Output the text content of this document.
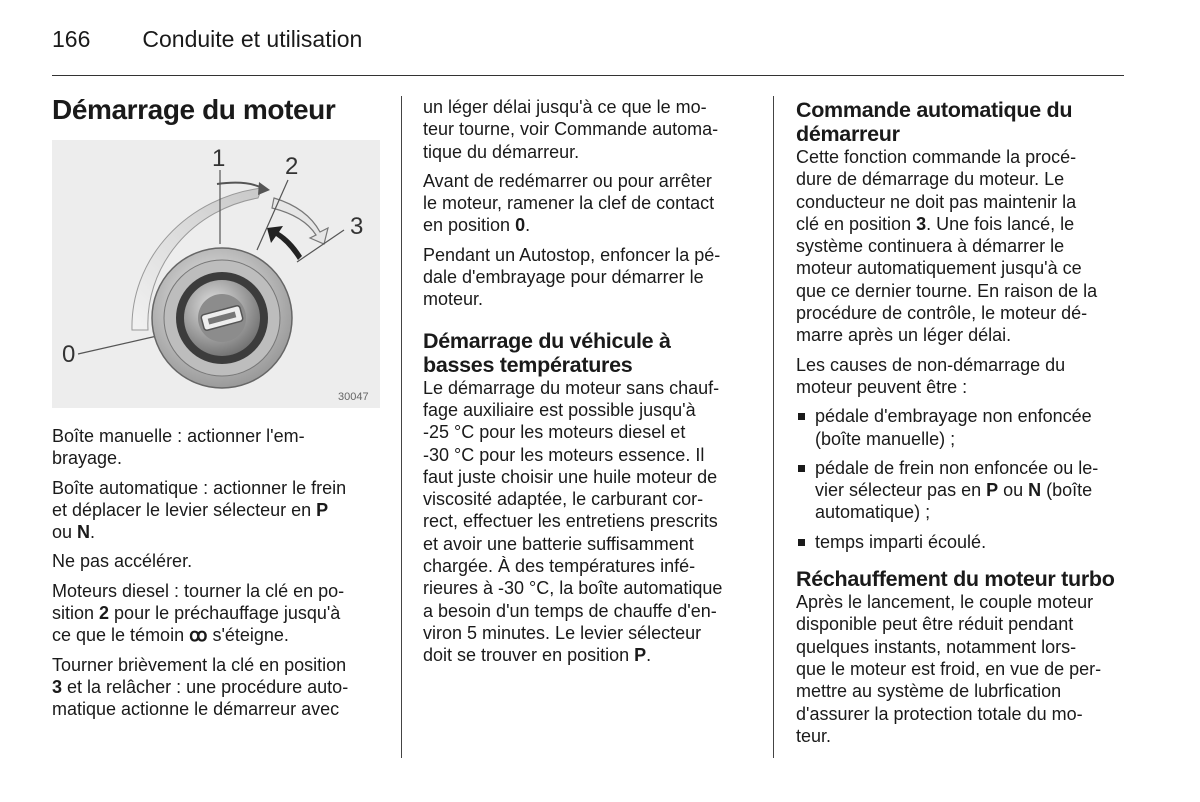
166 Conduite et utilisation
Démarrage du moteur
1 2
3
0
30047

Boîte manuelle : actionner l'em-
brayage.

Boîte automatique : actionner le frein
et déplacer le levier sélecteur en P
ou N.

Ne pas accélérer.

Moteurs diesel : tourner la clé en po-
sition 2 pour le préchauffage jusqu'à
ce que le témoin ꝏ s'éteigne.

Tourner brièvement la clé en position
3 et la relâcher : une procédure auto-
matique actionne le démarreur avec

un léger délai jusqu'à ce que le mo-
teur tourne, voir Commande automa-
tique du démarreur.

Avant de redémarrer ou pour arrêter
le moteur, ramener la clef de contact
en position 0.

Pendant un Autostop, enfoncer la pé-
dale d'embrayage pour démarrer le
moteur.

Démarrage du véhicule à
basses températures

Le démarrage du moteur sans chauf-
fage auxiliaire est possible jusqu'à
-25 °C pour les moteurs diesel et
-30 °C pour les moteurs essence. Il
faut juste choisir une huile moteur de
viscosité adaptée, le carburant cor-
rect, effectuer les entretiens prescrits
et avoir une batterie suffisamment
chargée. À des températures infé-
rieures à -30 °C, la boîte automatique
a besoin d'un temps de chauffe d'en-
viron 5 minutes. Le levier sélecteur
doit se trouver en position P.

Commande automatique du
démarreur

Cette fonction commande la procé-
dure de démarrage du moteur. Le
conducteur ne doit pas maintenir la
clé en position 3. Une fois lancé, le
système continuera à démarrer le
moteur automatiquement jusqu'à ce
que ce dernier tourne. En raison de la
procédure de contrôle, le moteur dé-
marre après un léger délai.

Les causes de non-démarrage du
moteur peuvent être :

pédale d'embrayage non enfoncée
(boîte manuelle) ;
pédale de frein non enfoncée ou le-
vier sélecteur pas en P ou N (boîte
automatique) ;
temps imparti écoulé.
Réchauffement du moteur turbo

Après le lancement, le couple moteur
disponible peut être réduit pendant
quelques instants, notamment lors-
que le moteur est froid, en vue de per-
mettre au système de lubrfication
d'assurer la protection totale du mo-
teur.
